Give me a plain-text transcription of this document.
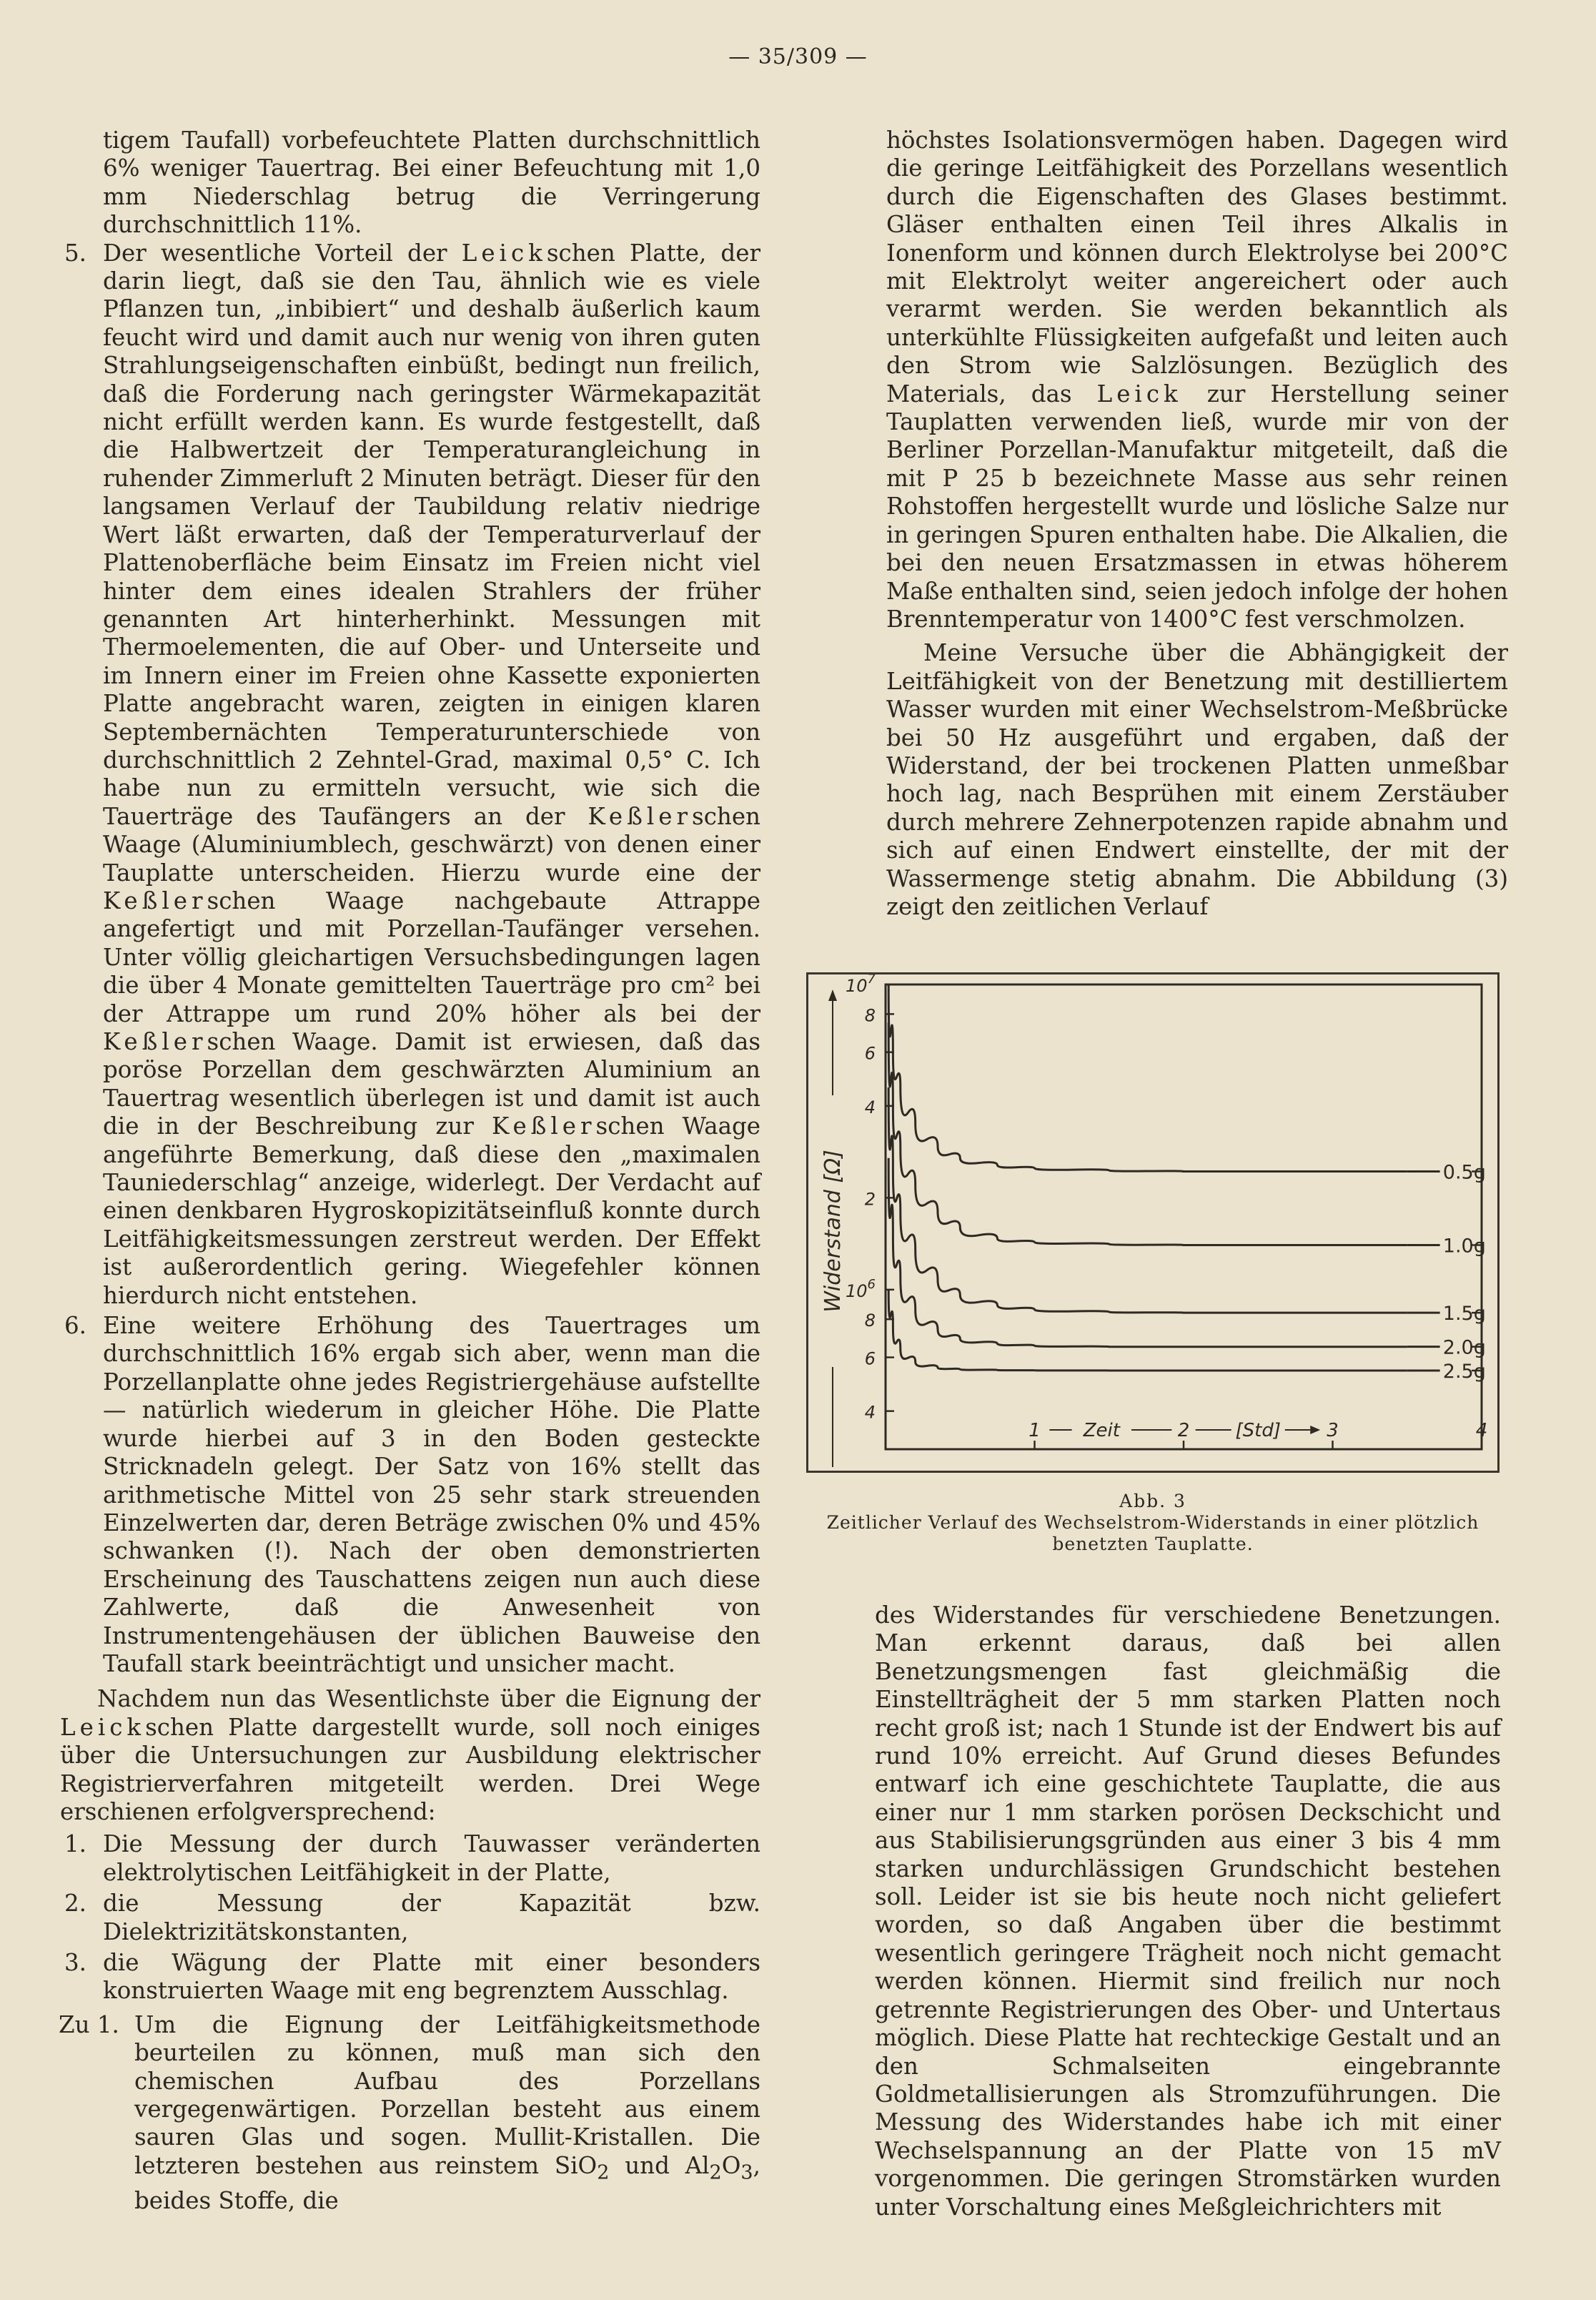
— 35/309 —

tigem Taufall) vorbefeuchtete Platten durchschnittlich 6% weniger Tauertrag. Bei einer Befeuchtung mit 1,0 mm Niederschlag betrug die Verringerung durchschnittlich 11%.

5. Der wesentliche Vorteil der Leickschen Platte, der darin liegt, daß sie den Tau, ähnlich wie es viele Pflanzen tun, „inbibiert“ und deshalb äußerlich kaum feucht wird und damit auch nur wenig von ihren guten Strahlungseigenschaften einbüßt, bedingt nun freilich, daß die Forderung nach geringster Wärmekapazität nicht erfüllt werden kann. Es wurde festgestellt, daß die Halbwertzeit der Temperaturangleichung in ruhender Zimmerluft 2 Minuten beträgt. Dieser für den langsamen Verlauf der Taubildung relativ niedrige Wert läßt erwarten, daß der Temperaturverlauf der Plattenoberfläche beim Einsatz im Freien nicht viel hinter dem eines idealen Strahlers der früher genannten Art hinterherhinkt. Messungen mit Thermoelementen, die auf Ober- und Unterseite und im Innern einer im Freien ohne Kassette exponierten Platte angebracht waren, zeigten in einigen klaren Septembernächten Temperaturunterschiede von durchschnittlich 2 Zehntel-Grad, maximal 0,5° C. Ich habe nun zu ermitteln versucht, wie sich die Tauerträge des Taufängers an der Keßlerschen Waage (Aluminiumblech, geschwärzt) von denen einer Tauplatte unterscheiden. Hierzu wurde eine der Keßlerschen Waage nachgebaute Attrappe angefertigt und mit Porzellan-Taufänger versehen. Unter völlig gleichartigen Versuchsbedingungen lagen die über 4 Monate gemittelten Tauerträge pro cm² bei der Attrappe um rund 20% höher als bei der Keßlerschen Waage. Damit ist erwiesen, daß das poröse Porzellan dem geschwärzten Aluminium an Tauertrag wesentlich überlegen ist und damit ist auch die in der Beschreibung zur Keßlerschen Waage angeführte Bemerkung, daß diese den „maximalen Tauniederschlag“ anzeige, widerlegt. Der Verdacht auf einen denkbaren Hygroskopizitätseinfluß konnte durch Leitfähigkeitsmessungen zerstreut werden. Der Effekt ist außerordentlich gering. Wiegefehler können hierdurch nicht entstehen.
6. Eine weitere Erhöhung des Tauertrages um durchschnittlich 16% ergab sich aber, wenn man die Porzellanplatte ohne jedes Registriergehäuse aufstellte — natürlich wiederum in gleicher Höhe. Die Platte wurde hierbei auf 3 in den Boden gesteckte Stricknadeln gelegt. Der Satz von 16% stellt das arithmetische Mittel von 25 sehr stark streuenden Einzelwerten dar, deren Beträge zwischen 0% und 45% schwanken (!). Nach der oben demonstrierten Erscheinung des Tauschattens zeigen nun auch diese Zahlwerte, daß die Anwesenheit von Instrumentengehäusen der üblichen Bauweise den Taufall stark beeinträchtigt und unsicher macht.

Nachdem nun das Wesentlichste über die Eignung der Leickschen Platte dargestellt wurde, soll noch einiges über die Untersuchungen zur Ausbildung elektrischer Registrierverfahren mitgeteilt werden. Drei Wege erschienen erfolgversprechend:

1. Die Messung der durch Tauwasser veränderten elektrolytischen Leitfähigkeit in der Platte,
2. die Messung der Kapazität bzw. Dielektrizitätskonstanten,
3. die Wägung der Platte mit einer besonders konstruierten Waage mit eng begrenztem Ausschlag.
Zu 1. Um die Eignung der Leitfähigkeitsmethode beurteilen zu können, muß man sich den chemischen Aufbau des Porzellans vergegenwärtigen. Porzellan besteht aus einem sauren Glas und sogen. Mullit-Kristallen. Die letzteren bestehen aus reinstem SiO$_2$ und $Al_2O_3$, beides Stoffe, die

höchstes Isolationsvermögen haben. Dagegen wird die geringe Leitfähigkeit des Porzellans wesentlich durch die Eigenschaften des Glases bestimmt. Gläser enthalten einen Teil ihres Alkalis in Ionenform und können durch Elektrolyse bei 200°C mit Elektrolyt weiter angereichert oder auch verarmt werden. Sie werden bekanntlich als unterkühlte Flüssigkeiten aufgefaßt und leiten auch den Strom wie Salzlösungen. Bezüglich des Materials, das Leick zur Herstellung seiner Tauplatten verwenden ließ, wurde mir von der Berliner Porzellan-Manufaktur mitgeteilt, daß die mit P 25 b bezeichnete Masse aus sehr reinen Rohstoffen hergestellt wurde und lösliche Salze nur in geringen Spuren enthalten habe. Die Alkalien, die bei den neuen Ersatzmassen in etwas höherem Maße enthalten sind, seien jedoch infolge der hohen Brenntemperatur von 1400°C fest verschmolzen.

Meine Versuche über die Abhängigkeit der Leitfähigkeit von der Benetzung mit destilliertem Wasser wurden mit einer Wechselstrom-Meßbrücke bei 50 Hz ausgeführt und ergaben, daß der Widerstand, der bei trockenen Platten unmeßbar hoch lag, nach Besprühen mit einem Zerstäuber durch mehrere Zehnerpotenzen rapide abnahm und sich auf einen Endwert einstellte, der mit der Wassermenge stetig abnahm. Die Abbildung (3) zeigt den zeitlichen Verlauf

Widerstand [Ω]
$10^7$
8
6
4
2
$10^6$
8
6
4
1	2	3	4
Zeit	[Std]
0.5g
1.0g
1.5g
2.0g
2.5g
Abb. 3
Zeitlicher Verlauf des Wechselstrom-Widerstands in einer plötzlich benetzten Tauplatte.

des Widerstandes für verschiedene Benetzungen. Man erkennt daraus, daß bei allen Benetzungsmengen fast gleichmäßig die Einstellträgheit der 5 mm starken Platten noch recht groß ist; nach 1 Stunde ist der Endwert bis auf rund 10% erreicht. Auf Grund dieses Befundes entwarf ich eine geschichtete Tauplatte, die aus einer nur 1 mm starken porösen Deckschicht und aus Stabilisierungsgründen aus einer 3 bis 4 mm starken undurchlässigen Grundschicht bestehen soll. Leider ist sie bis heute noch nicht geliefert worden, so daß Angaben über die bestimmt wesentlich geringere Trägheit noch nicht gemacht werden können. Hiermit sind freilich nur noch getrennte Registrierungen des Ober- und Untertaus möglich. Diese Platte hat rechteckige Gestalt und an den Schmalseiten eingebrannte Goldmetallisierungen als Stromzuführungen. Die Messung des Widerstandes habe ich mit einer Wechselspannung an der Platte von 15 mV vorgenommen. Die geringen Stromstärken wurden unter Vorschaltung eines Meßgleichrichters mit
